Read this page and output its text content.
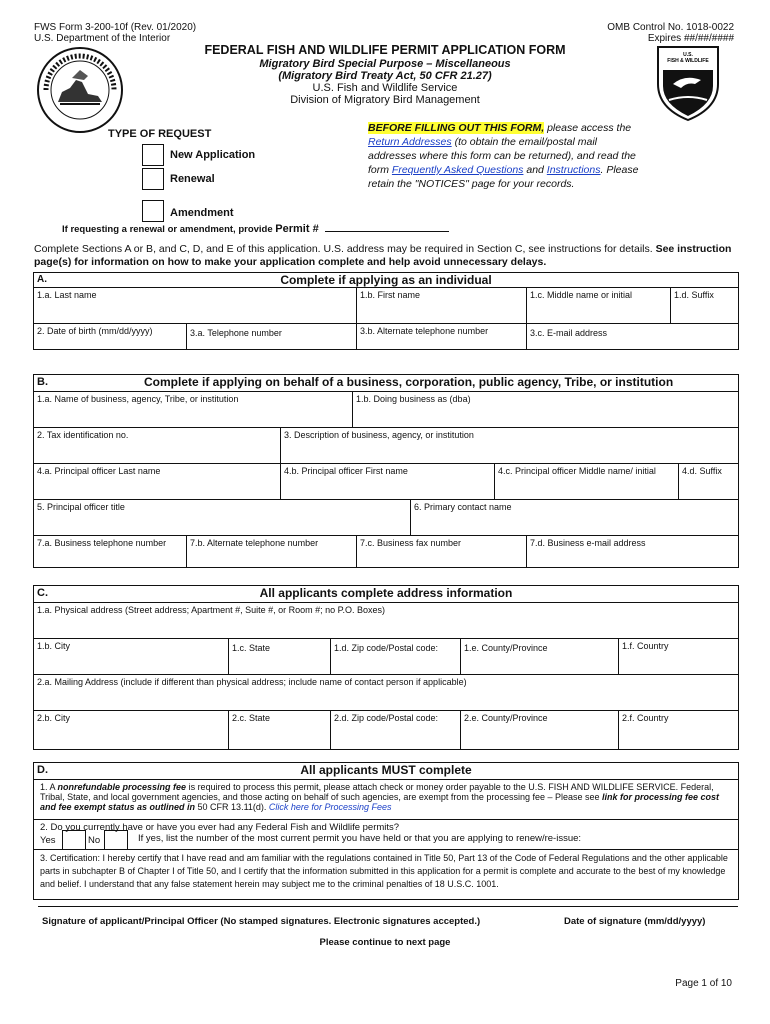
FWS Form 3-200-10f (Rev. 01/2020)
U.S. Department of the Interior
OMB Control No. 1018-0022
Expires ##/##/####
FEDERAL FISH AND WILDLIFE PERMIT APPLICATION FORM
Migratory Bird Special Purpose – Miscellaneous
(Migratory Bird Treaty Act, 50 CFR 21.27)
U.S. Fish and Wildlife Service
Division of Migratory Bird Management
U.S.
FISH & WILDLIFE
TYPE OF REQUEST
New Application
Renewal
Amendment
If requesting a renewal or amendment, provide Permit #
BEFORE FILLING OUT THIS FORM, please access the Return Addresses (to obtain the email/postal mail addresses where this form can be returned), and read the form Frequently Asked Questions and Instructions. Please retain the "NOTICES" page for your records.
Complete Sections A or B, and C, D, and E of this application. U.S. address may be required in Section C, see instructions for details. See instruction page(s) for information on how to make your application complete and help avoid unnecessary delays.
Complete if applying as an individual
A.
1.a. Last name	1.b. First name	1.c. Middle name or initial	1.d. Suffix
2. Date of birth (mm/dd/yyyy)	3.a. Telephone number	3.b. Alternate telephone number	3.c. E-mail address
B.	Complete if applying on behalf of a business, corporation, public agency, Tribe, or institution
1.a. Name of business, agency, Tribe, or institution	1.b. Doing business as (dba)
2. Tax identification no.	3. Description of business, agency, or institution
4.a. Principal officer Last name	4.b. Principal officer First name	4.c. Principal officer Middle name/ initial	4.d. Suffix
5. Principal officer title	6. Primary contact name
7.a. Business telephone number	7.b. Alternate telephone number	7.c. Business fax number	7.d. Business e-mail address
C.	All applicants complete address information
1.a. Physical address (Street address; Apartment #, Suite #, or Room #; no P.O. Boxes)
1.b. City	1.c. State	1.d. Zip code/Postal code:	1.e. County/Province	1.f. Country
2.a. Mailing Address (include if different than physical address; include name of contact person if applicable)
2.b. City	2.c. State	2.d. Zip code/Postal code:	2.e. County/Province	2.f. Country
D.	All applicants MUST complete
1. A nonrefundable processing fee is required to process this permit, please attach check or money order payable to the U.S. FISH AND WILDLIFE SERVICE. Federal, Tribal, State, and local government agencies, and those acting on behalf of such agencies, are exempt from the processing fee – Please see link for processing fee cost and fee exempt status as outlined in 50 CFR 13.11(d). Click here for Processing Fees
2. Do you currently have or have you ever had any Federal Fish and Wildlife permits?
Yes	No	If yes, list the number of the most current permit you have held or that you are applying to renew/re-issue:
3. Certification: I hereby certify that I have read and am familiar with the regulations contained in Title 50, Part 13 of the Code of Federal Regulations and the other applicable parts in subchapter B of Chapter I of Title 50, and I certify that the information submitted in this application for a permit is complete and accurate to the best of my knowledge and belief. I understand that any false statement herein may subject me to the criminal penalties of 18 U.S.C. 1001.
Signature of applicant/Principal Officer (No stamped signatures. Electronic signatures accepted.)	Date of signature (mm/dd/yyyy)
Please continue to next page
Page 1 of 10
